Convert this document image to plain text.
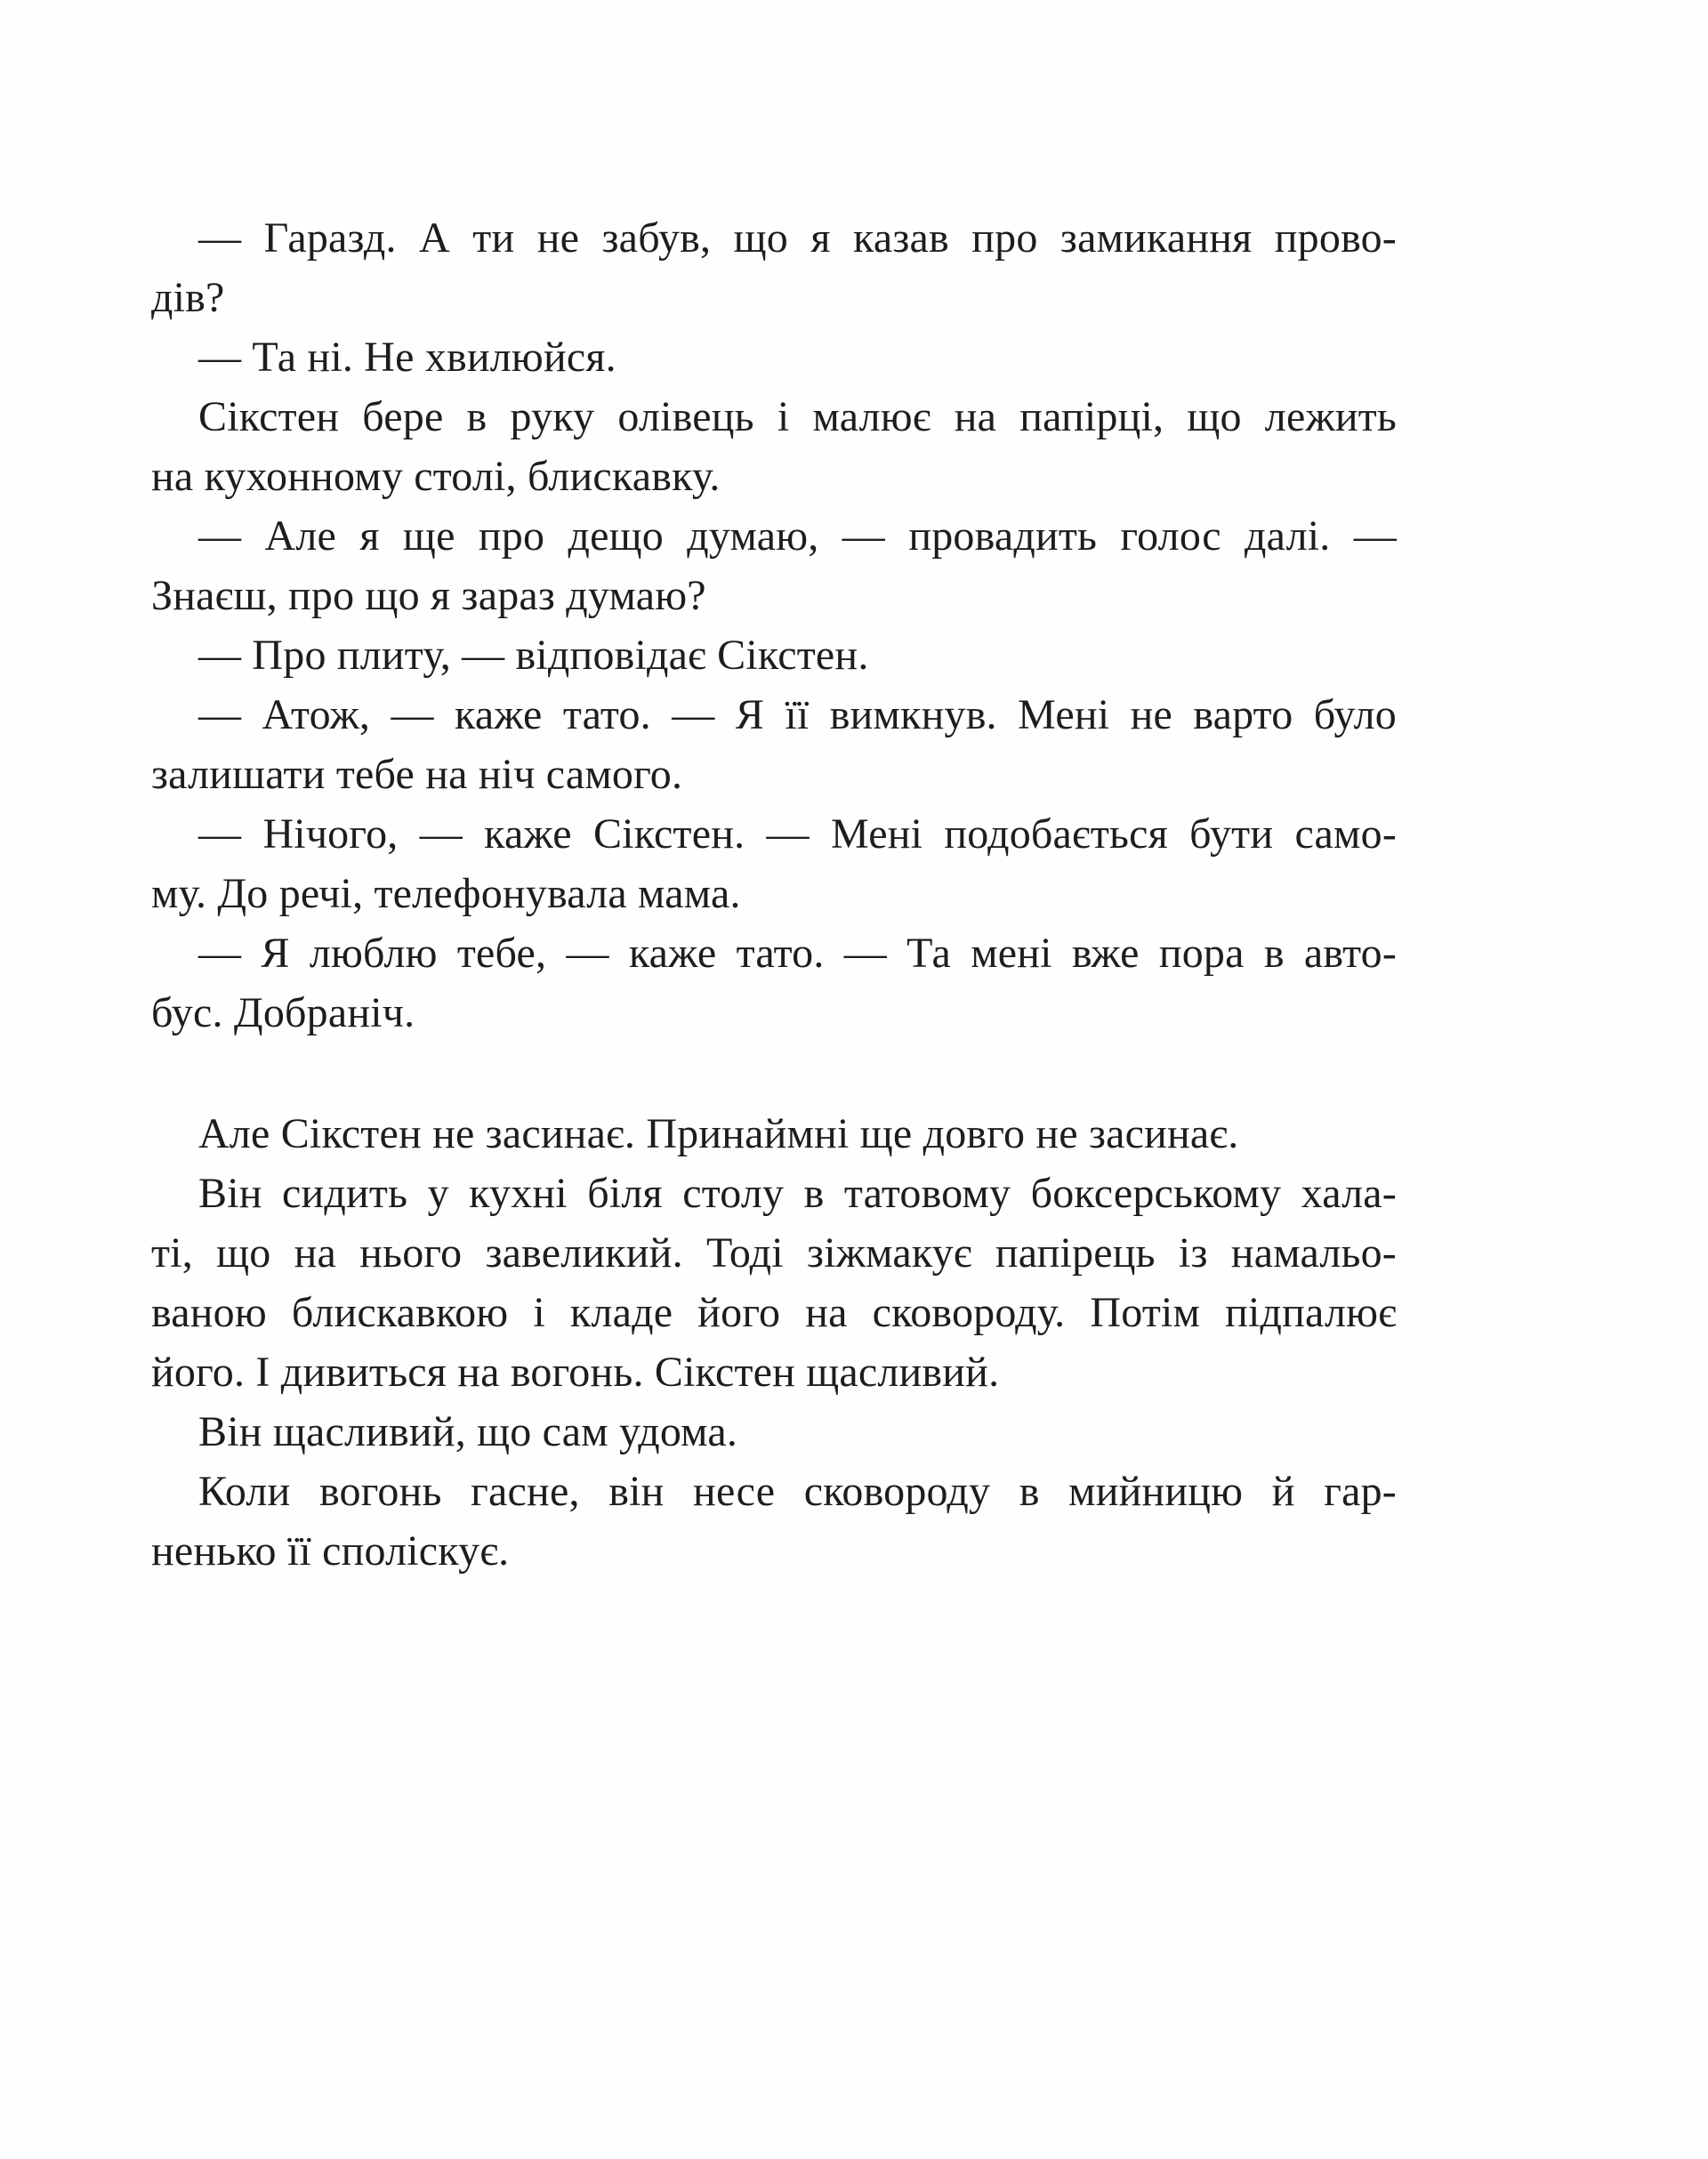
— Гаразд. А ти не забув, що я казав про замикання прово-
дів?
— Та ні. Не хвилюйся.
Сікстен бере в руку олівець і малює на папірці, що лежить
на кухонному столі, блискавку.
— Але я ще про дещо думаю, — провадить голос далі. —
Знаєш, про що я зараз думаю?
— Про плиту, — відповідає Сікстен.
— Атож, — каже тато. — Я її вимкнув. Мені не варто було
залишати тебе на ніч самого.
— Нічого, — каже Сікстен. — Мені подобається бути само-
му. До речі, телефонувала мама.
— Я люблю тебе, — каже тато. — Та мені вже пора в авто-
бус. Добраніч.
Але Сікстен не засинає. Принаймні ще довго не засинає.
Він сидить у кухні біля столу в татовому боксерському хала-
ті, що на нього завеликий. Тоді зіжмакує папірець із намальо-
ваною блискавкою і кладе його на сковороду. Потім підпалює
його. І дивиться на вогонь. Сікстен щасливий.
Він щасливий, що сам удома.
Коли вогонь гасне, він несе сковороду в мийницю й гар-
ненько її споліскує.
